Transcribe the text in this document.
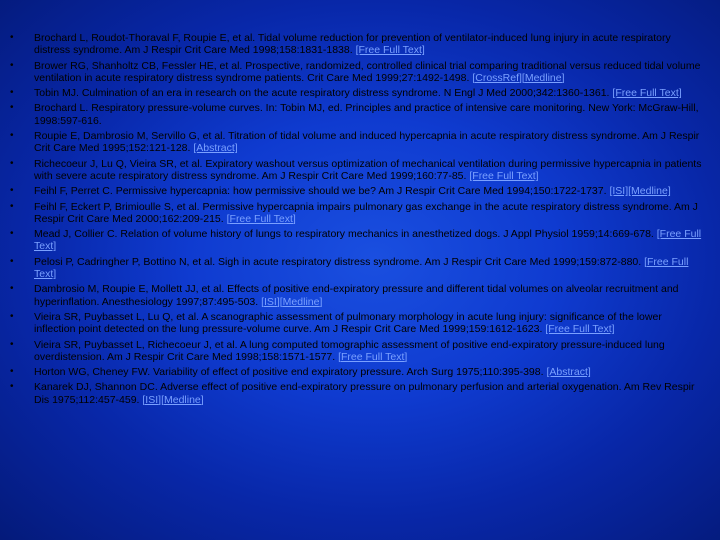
• Brochard L, Roudot-Thoraval F, Roupie E, et al. Tidal volume reduction for prevention of ventilator-induced lung injury in acute respiratory distress syndrome. Am J Respir Crit Care Med 1998;158:1831-1838. [Free Full Text]
• Brower RG, Shanholtz CB, Fessler HE, et al. Prospective, randomized, controlled clinical trial comparing traditional versus reduced tidal volume ventilation in acute respiratory distress syndrome patients. Crit Care Med 1999;27:1492-1498. [CrossRef][Medline]
• Tobin MJ. Culmination of an era in research on the acute respiratory distress syndrome. N Engl J Med 2000;342:1360-1361. [Free Full Text]
• Brochard L. Respiratory pressure-volume curves. In: Tobin MJ, ed. Principles and practice of intensive care monitoring. New York: McGraw-Hill, 1998:597-616.
• Roupie E, Dambrosio M, Servillo G, et al. Titration of tidal volume and induced hypercapnia in acute respiratory distress syndrome. Am J Respir Crit Care Med 1995;152:121-128. [Abstract]
• Richecoeur J, Lu Q, Vieira SR, et al. Expiratory washout versus optimization of mechanical ventilation during permissive hypercapnia in patients with severe acute respiratory distress syndrome. Am J Respir Crit Care Med 1999;160:77-85. [Free Full Text]
• Feihl F, Perret C. Permissive hypercapnia: how permissive should we be? Am J Respir Crit Care Med 1994;150:1722-1737. [ISI][Medline]
• Feihl F, Eckert P, Brimioulle S, et al. Permissive hypercapnia impairs pulmonary gas exchange in the acute respiratory distress syndrome. Am J Respir Crit Care Med 2000;162:209-215. [Free Full Text]
• Mead J, Collier C. Relation of volume history of lungs to respiratory mechanics in anesthetized dogs. J Appl Physiol 1959;14:669-678. [Free Full Text]
• Pelosi P, Cadringher P, Bottino N, et al. Sigh in acute respiratory distress syndrome. Am J Respir Crit Care Med 1999;159:872-880. [Free Full Text]
• Dambrosio M, Roupie E, Mollett JJ, et al. Effects of positive end-expiratory pressure and different tidal volumes on alveolar recruitment and hyperinflation. Anesthesiology 1997;87:495-503. [ISI][Medline]
• Vieira SR, Puybasset L, Lu Q, et al. A scanographic assessment of pulmonary morphology in acute lung injury: significance of the lower inflection point detected on the lung pressure-volume curve. Am J Respir Crit Care Med 1999;159:1612-1623. [Free Full Text]
• Vieira SR, Puybasset L, Richecoeur J, et al. A lung computed tomographic assessment of positive end-expiratory pressure-induced lung overdistension. Am J Respir Crit Care Med 1998;158:1571-1577. [Free Full Text]
• Horton WG, Cheney FW. Variability of effect of positive end expiratory pressure. Arch Surg 1975;110:395-398. [Abstract]
• Kanarek DJ, Shannon DC. Adverse effect of positive end-expiratory pressure on pulmonary perfusion and arterial oxygenation. Am Rev Respir Dis 1975;112:457-459. [ISI][Medline]
